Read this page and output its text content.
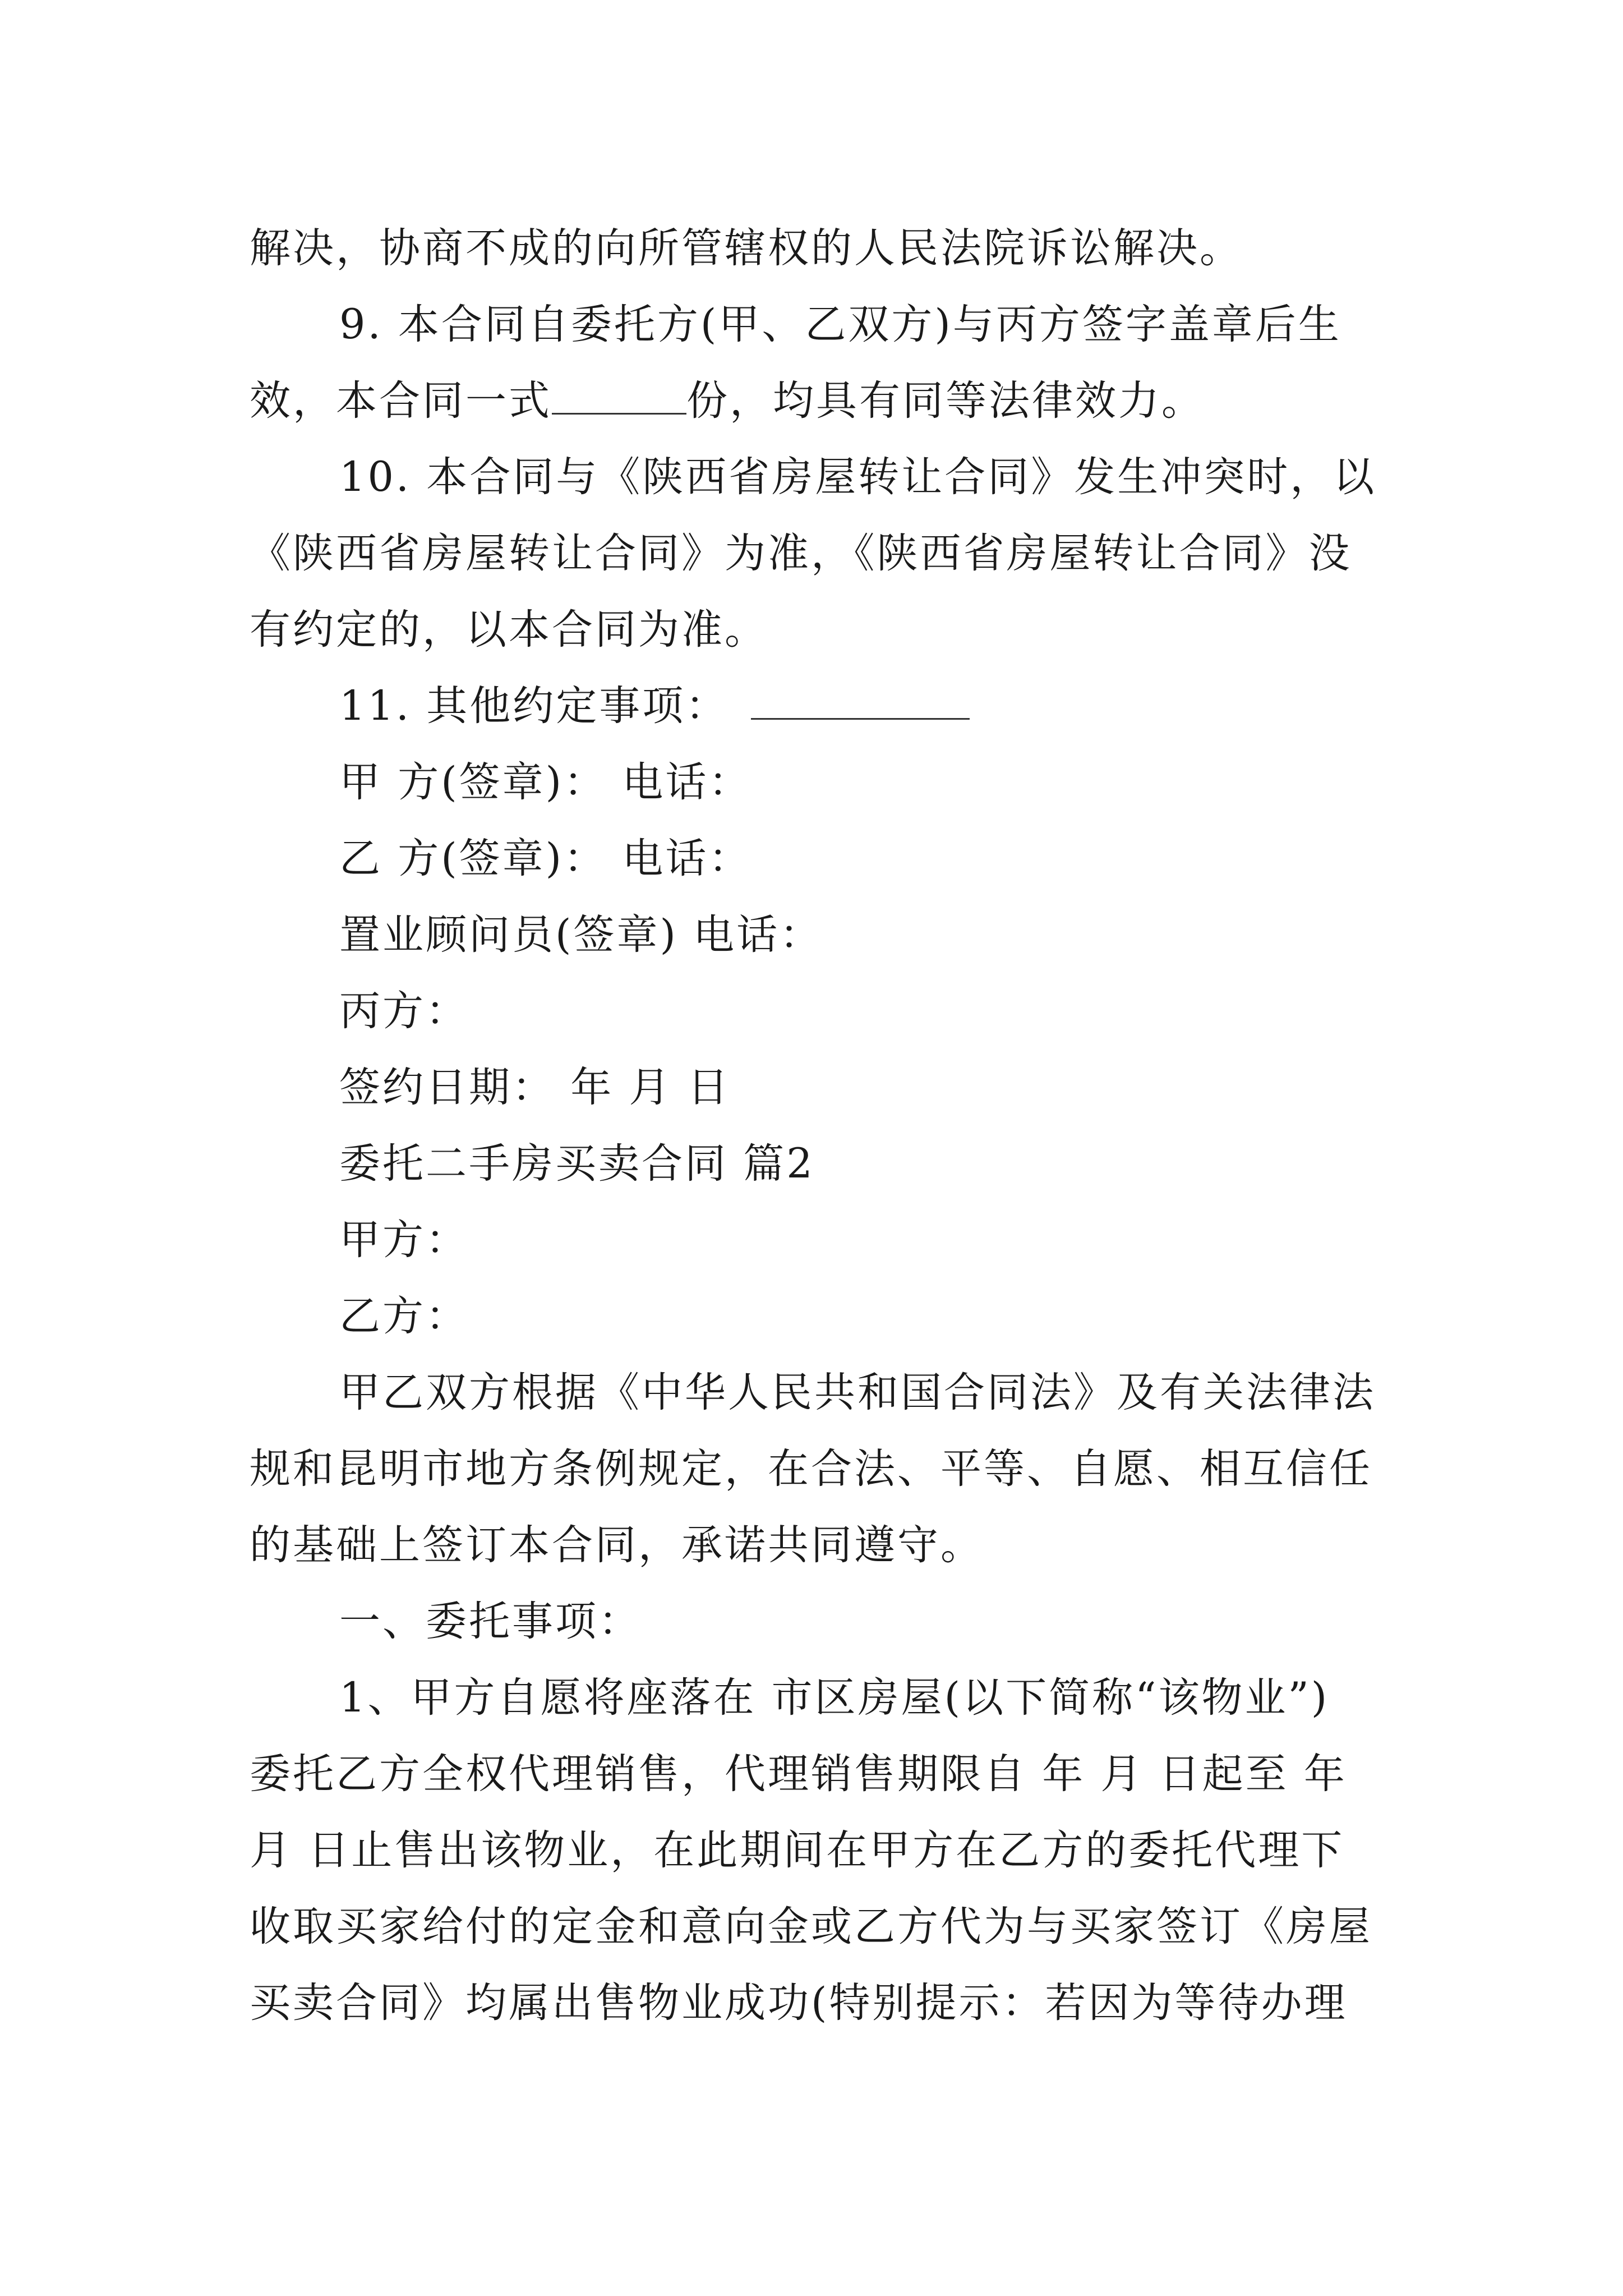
解决，协商不成的向所管辖权的人民法院诉讼解决。
9. 本合同自委托方(甲、乙双方)与丙方签字盖章后生
效，本合同一式	份，均具有同等法律效力。
10. 本合同与《陕西省房屋转让合同》发生冲突时，以
《陕西省房屋转让合同》为准，《陕西省房屋转让合同》没
有约定的，以本合同为准。
11. 其他约定事项：
甲 方(签章)： 电话：
乙 方(签章)： 电话：
置业顾问员(签章) 电话：
丙方：
签约日期： 年 月 日
委托二手房买卖合同 篇2
甲方：
乙方：
甲乙双方根据《中华人民共和国合同法》及有关法律法
规和昆明市地方条例规定，在合法、平等、自愿、相互信任
的基础上签订本合同，承诺共同遵守。
一、委托事项：
1、甲方自愿将座落在 市区房屋(以下简称“该物业”)
委托乙方全权代理销售，代理销售期限自 年 月 日起至 年
月 日止售出该物业，在此期间在甲方在乙方的委托代理下
收取买家给付的定金和意向金或乙方代为与买家签订《房屋
买卖合同》均属出售物业成功(特别提示：若因为等待办理
